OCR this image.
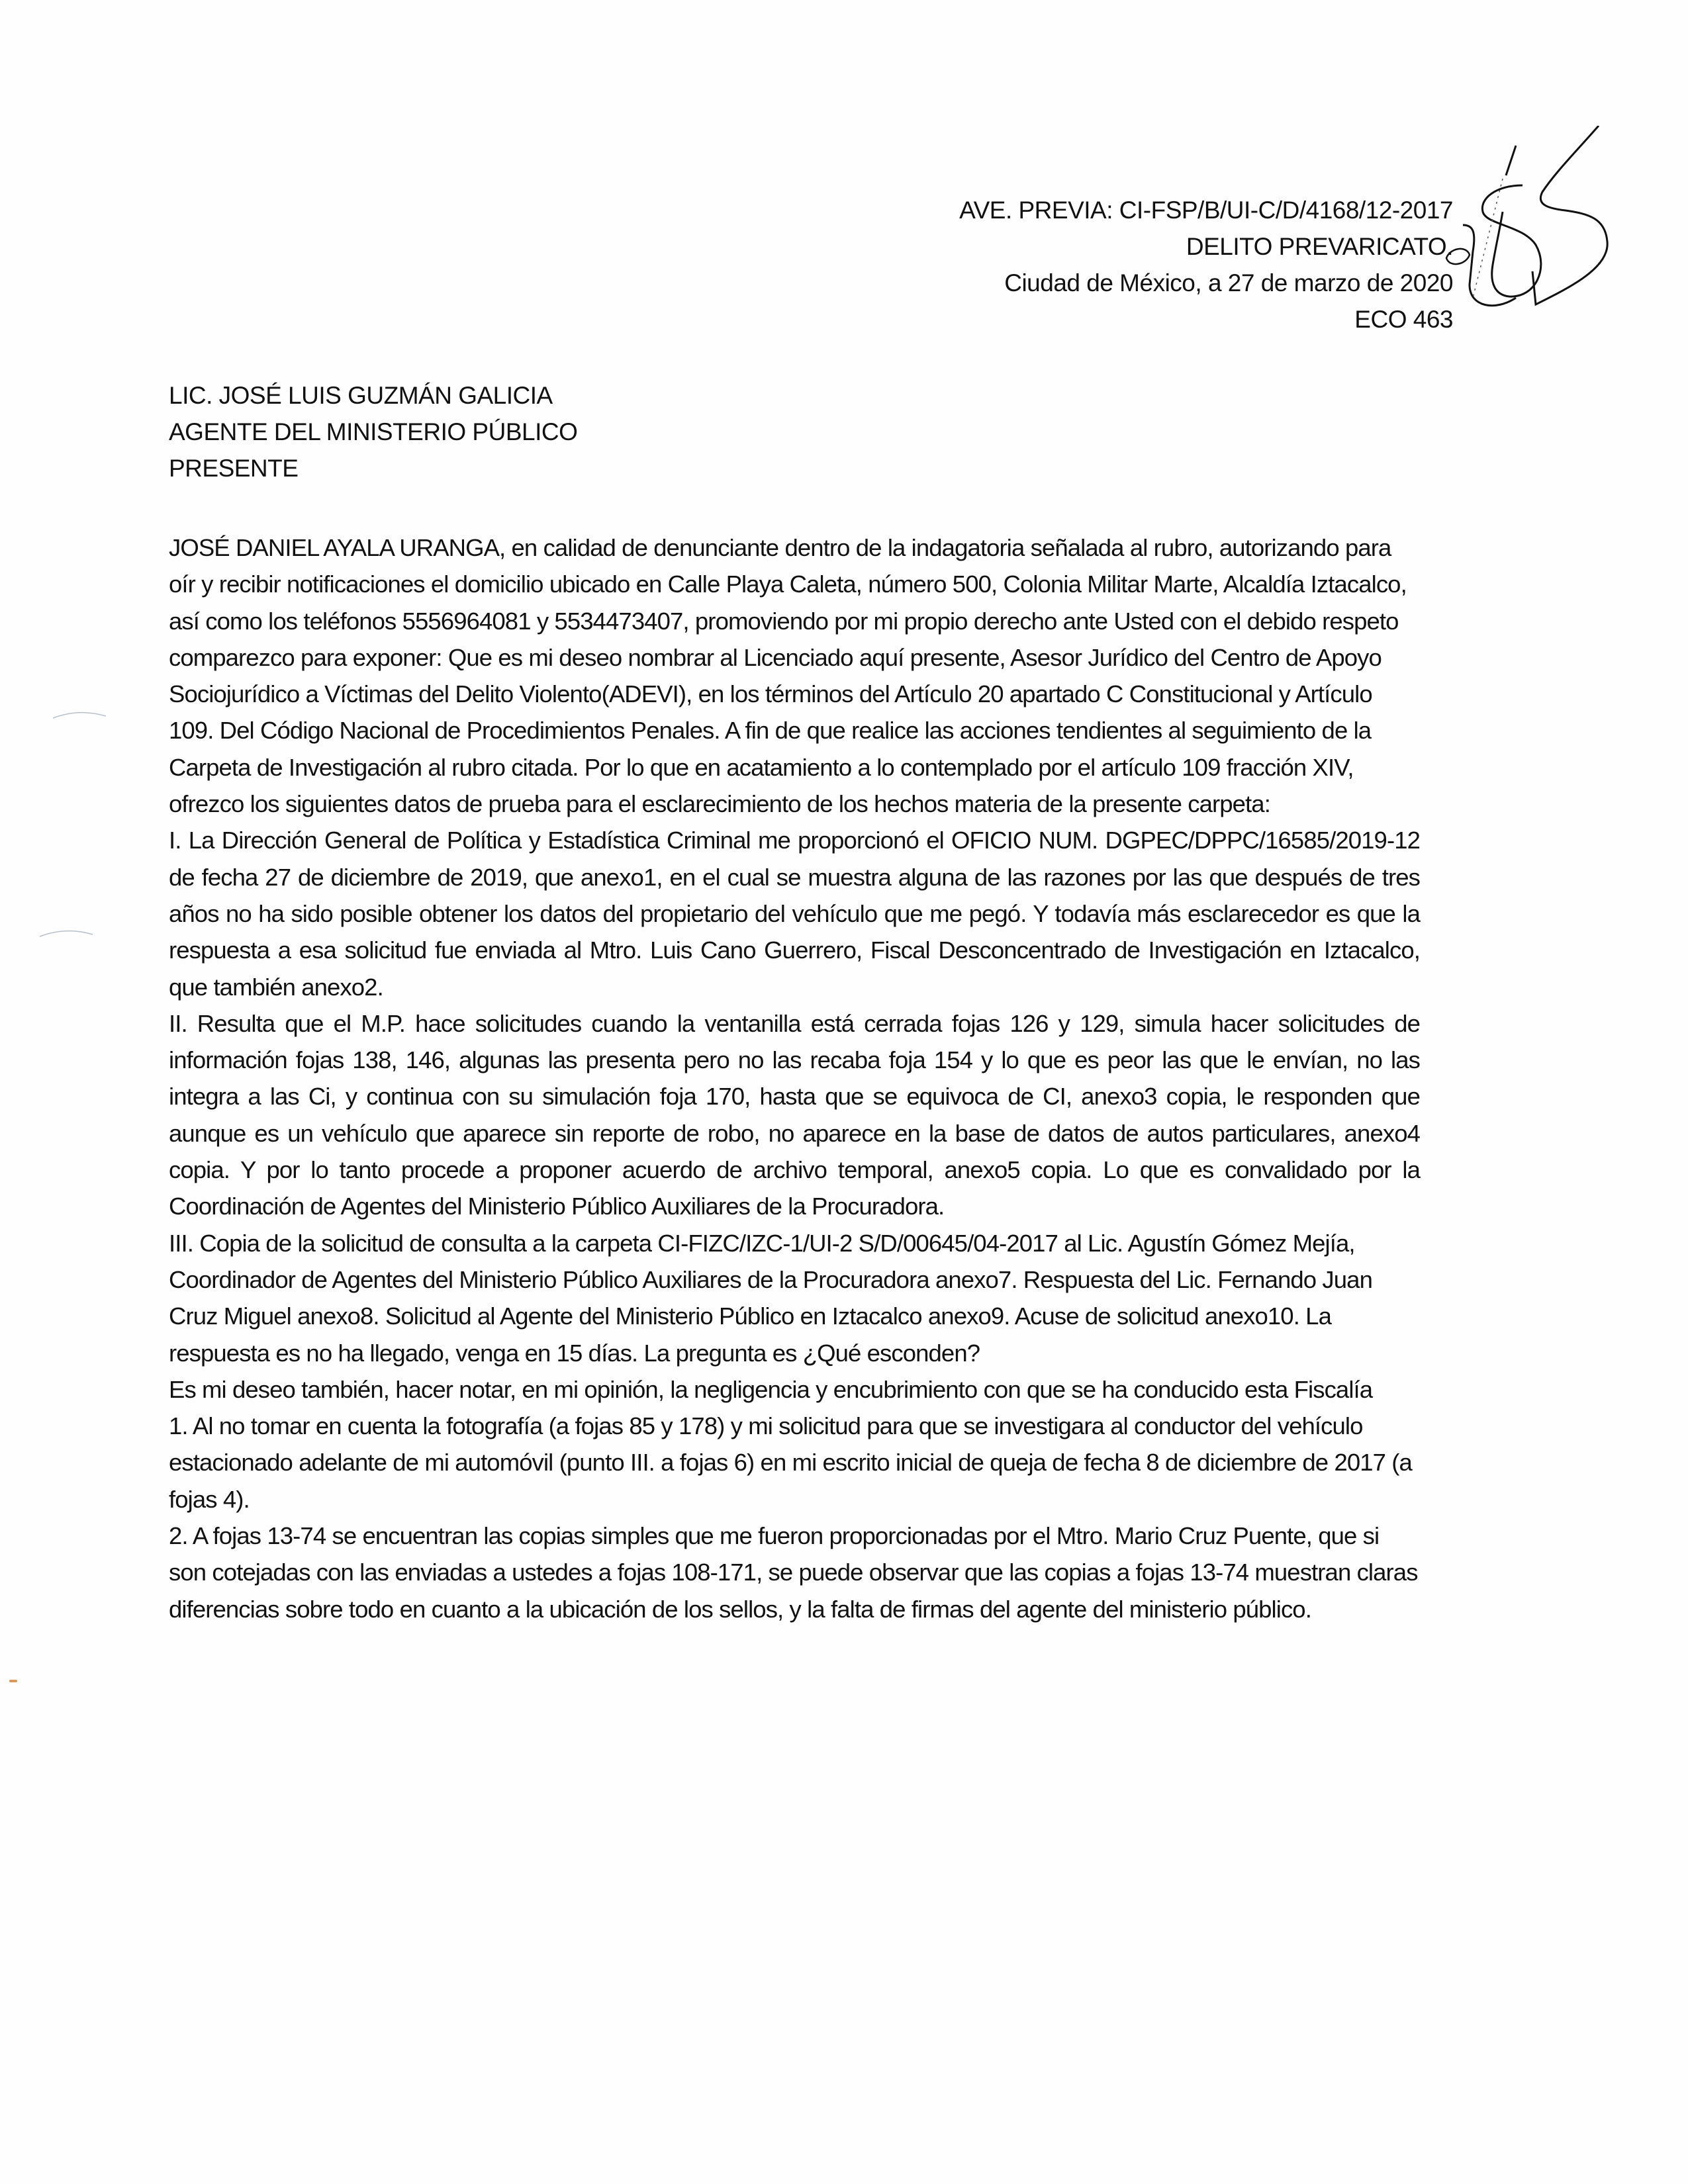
AVE. PREVIA: CI-FSP/B/UI-C/D/4168/12-2017
DELITO PREVARICATO.
Ciudad de México, a 27 de marzo de 2020
ECO 463
LIC. JOSÉ LUIS GUZMÁN GALICIA
AGENTE DEL MINISTERIO PÚBLICO
PRESENTE

JOSÉ DANIEL AYALA URANGA, en calidad de denunciante dentro de la indagatoria señalada al rubro, autorizando para oír y recibir notificaciones el domicilio ubicado en Calle Playa Caleta, número 500, Colonia Militar Marte, Alcaldía Iztacalco, así como los teléfonos 5556964081 y 5534473407, promoviendo por mi propio derecho ante Usted con el debido respeto comparezco para exponer: Que es mi deseo nombrar al Licenciado aquí presente, Asesor Jurídico del Centro de Apoyo Sociojurídico a Víctimas del Delito Violento(ADEVI), en los términos del Artículo 20 apartado C Constitucional y Artículo 109. Del Código Nacional de Procedimientos Penales. A fin de que realice las acciones tendientes al seguimiento de la Carpeta de Investigación al rubro citada. Por lo que en acatamiento a lo contemplado por el artículo 109 fracción XIV, ofrezco los siguientes datos de prueba para el esclarecimiento de los hechos materia de la presente carpeta:

I. La Dirección General de Política y Estadística Criminal me proporcionó el OFICIO NUM. DGPEC/DPPC/16585/2019-12 de fecha 27 de diciembre de 2019, que anexo1, en el cual se muestra alguna de las razones por las que después de tres años no ha sido posible obtener los datos del propietario del vehículo que me pegó. Y todavía más esclarecedor es que la respuesta a esa solicitud fue enviada al Mtro. Luis Cano Guerrero, Fiscal Desconcentrado de Investigación en Iztacalco, que también anexo2.

II. Resulta que el M.P. hace solicitudes cuando la ventanilla está cerrada fojas 126 y 129, simula hacer solicitudes de información fojas 138, 146, algunas las presenta pero no las recaba foja 154 y lo que es peor las que le envían, no las integra a las Ci, y continua con su simulación foja 170, hasta que se equivoca de CI, anexo3 copia, le responden que aunque es un vehículo que aparece sin reporte de robo, no aparece en la base de datos de autos particulares, anexo4 copia. Y por lo tanto procede a proponer acuerdo de archivo temporal, anexo5 copia. Lo que es convalidado por la Coordinación de Agentes del Ministerio Público Auxiliares de la Procuradora.

III. Copia de la solicitud de consulta a la carpeta CI-FIZC/IZC-1/UI-2 S/D/00645/04-2017 al Lic. Agustín Gómez Mejía, Coordinador de Agentes del Ministerio Público Auxiliares de la Procuradora anexo7. Respuesta del Lic. Fernando Juan Cruz Miguel anexo8. Solicitud al Agente del Ministerio Público en Iztacalco anexo9. Acuse de solicitud anexo10. La respuesta es no ha llegado, venga en 15 días. La pregunta es ¿Qué esconden?

Es mi deseo también, hacer notar, en mi opinión, la negligencia y encubrimiento con que se ha conducido esta Fiscalía

1. Al no tomar en cuenta la fotografía (a fojas 85 y 178) y mi solicitud para que se investigara al conductor del vehículo estacionado adelante de mi automóvil (punto III. a fojas 6) en mi escrito inicial de queja de fecha 8 de diciembre de 2017 (a fojas 4).

2. A fojas 13-74 se encuentran las copias simples que me fueron proporcionadas por el Mtro. Mario Cruz Puente, que si son cotejadas con las enviadas a ustedes a fojas 108-171, se puede observar que las copias a fojas 13-74 muestran claras diferencias sobre todo en cuanto a la ubicación de los sellos, y la falta de firmas del agente del ministerio público.
